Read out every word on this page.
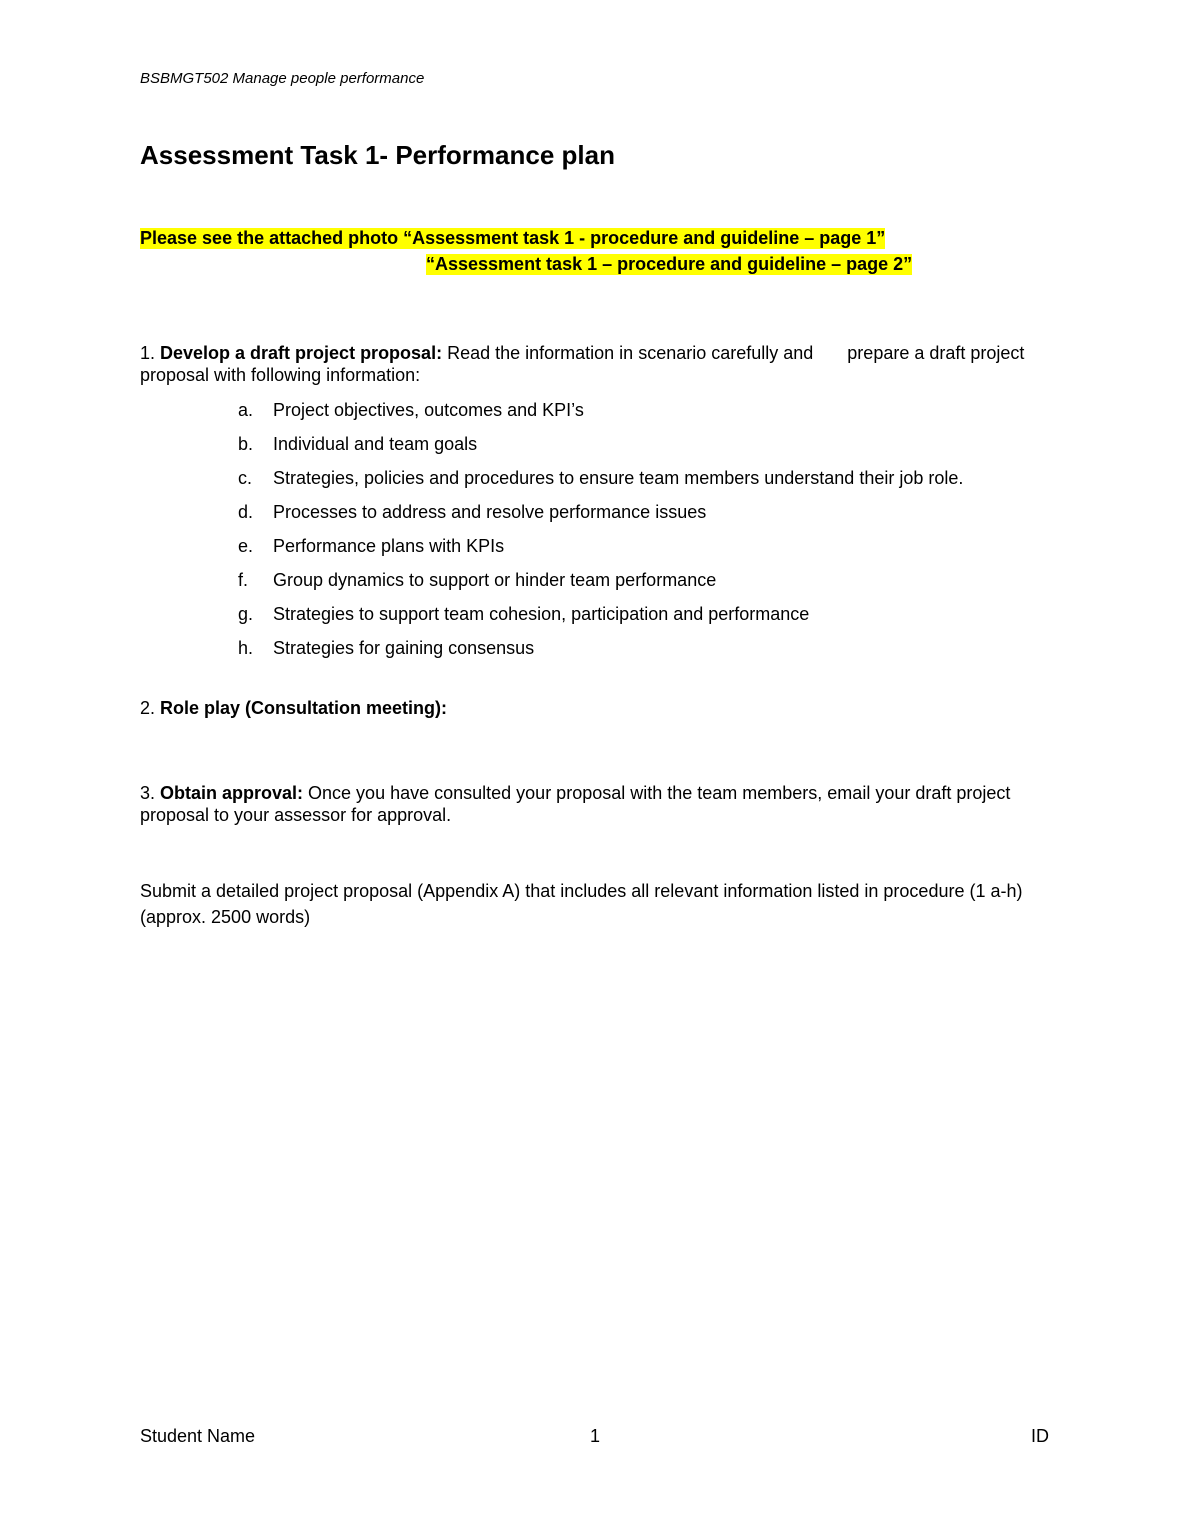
BSBMGT502 Manage people performance
Assessment Task 1- Performance plan
Please see the attached photo “Assessment task 1 - procedure and guideline – page 1”
“Assessment task 1 – procedure and guideline – page 2”
1. Develop a draft project proposal: Read the information in scenario carefully and prepare a draft project proposal with following information:
a.	Project objectives, outcomes and KPI’s
b.	Individual and team goals
c.	Strategies, policies and procedures to ensure team members understand their job role.
d.	Processes to address and resolve performance issues
e.	Performance plans with KPIs
f.	Group dynamics to support or hinder team performance
g.	Strategies to support team cohesion, participation and performance
h.	Strategies for gaining consensus
2. Role play (Consultation meeting):
3. Obtain approval: Once you have consulted your proposal with the team members, email your draft project proposal to your assessor for approval.
Submit a detailed project proposal (Appendix A) that includes all relevant information listed in procedure (1 a-h) (approx. 2500 words)
Student Name	1	ID
